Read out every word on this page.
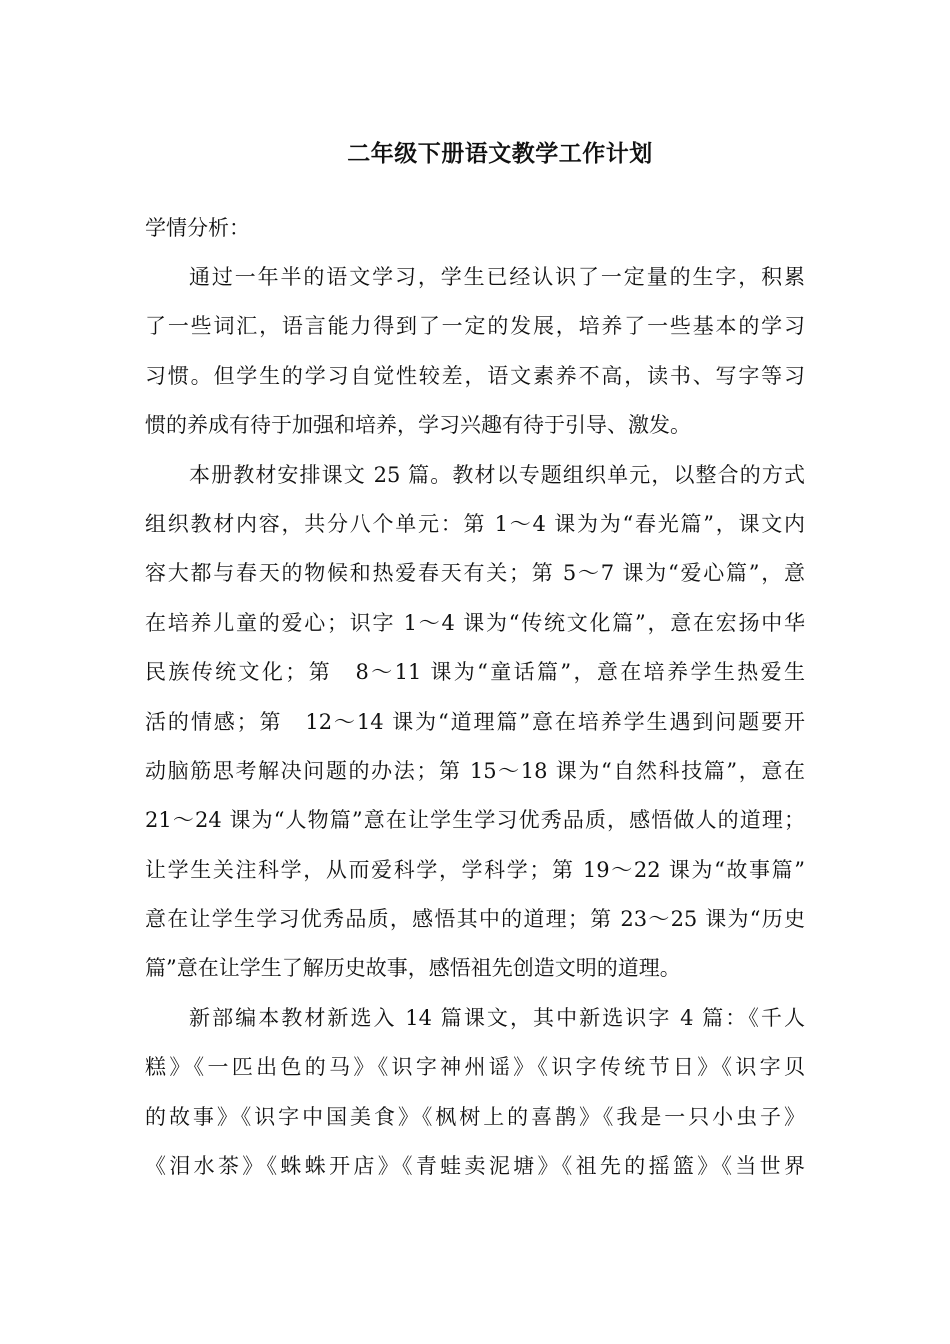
二年级下册语文教学工作计划

学情分析：

通过一年半的语文学习，学生已经认识了一定量的生字，积累
了一些词汇，语言能力得到了一定的发展，培养了一些基本的学习
习惯。但学生的学习自觉性较差，语文素养不高，读书、写字等习
惯的养成有待于加强和培养，学习兴趣有待于引导、激发。
本册教材安排课文 25 篇。教材以专题组织单元，以整合的方式
组织教材内容，共分八个单元：第 1～4 课为为“春光篇”，课文内
容大都与春天的物候和热爱春天有关；第 5～7 课为“爱心篇”，意
在培养儿童的爱心；识字 1～4 课为“传统文化篇”，意在宏扬中华
民族传统文化；第　8～11 课为“童话篇”，意在培养学生热爱生
活的情感；第　12～14 课为“道理篇”意在培养学生遇到问题要开
动脑筋思考解决问题的办法；第 15～18 课为“自然科技篇”，意在
21～24 课为“人物篇”意在让学生学习优秀品质，感悟做人的道理；
让学生关注科学，从而爱科学，学科学；第 19～22 课为“故事篇”
意在让学生学习优秀品质，感悟其中的道理；第 23～25 课为“历史
篇”意在让学生了解历史故事，感悟祖先创造文明的道理。
新部编本教材新选入 14 篇课文，其中新选识字 4 篇：《千人
糕》《一匹出色的马》《识字神州谣》《识字传统节日》《识字贝
的故事》《识字中国美食》《枫树上的喜鹊》《我是一只小虫子》
《泪水茶》《蛛蛛开店》《青蛙卖泥塘》《祖先的摇篮》《当世界
